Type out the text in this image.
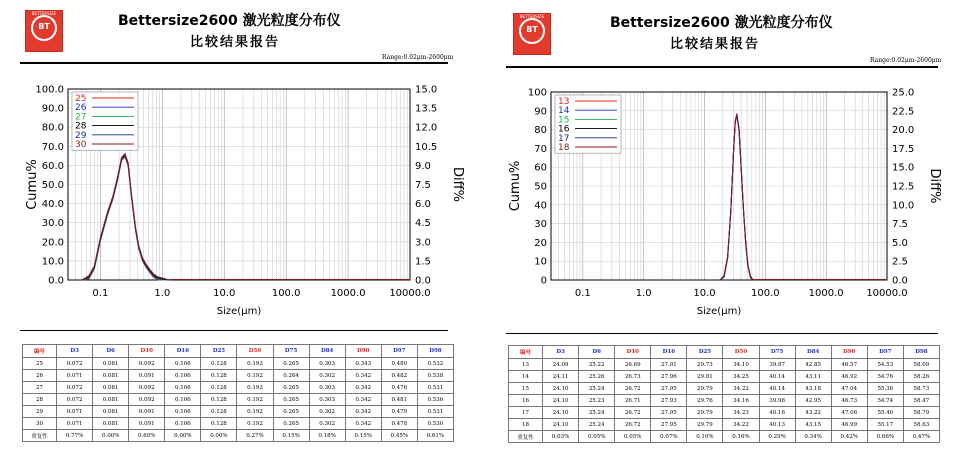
BETTERSIZE
BT	Bettersize2600 激光粒度分布仪
比较结果报告
Range:0.02μm-2600μm
0.0
10.0
20.0
30.0
40.0
50.0
60.0
70.0
80.0
90.0
100.0
0.0
1.5
3.0
4.5
6.0
7.5
9.0
10.5
12.0
13.5
15.0
0.1	1.0	10.0	100.0	1000.0 10000.0
Size(μm)
Cumu%	Diff%
25
26
27
28
29
30
编号	D3	D6	D10	D16	D25	D50	D75	D84	D90	D97	D98
25	0.072	0.081	0.092	0.106	0.128	0.193	0.265	0.303	0.343	0.480	0.532
26	0.071	0.081	0.091	0.106	0.128	0.192	0.264	0.302	0.342	0.482	0.538
27	0.072	0.081	0.092	0.106	0.128	0.193	0.265	0.303	0.342	0.476	0.531
28	0.072	0.081	0.092	0.106	0.128	0.192	0.265	0.303	0.342	0.481	0.536
29	0.071	0.081	0.091	0.106	0.128	0.192	0.265	0.302	0.342	0.479	0.531
30	0.071	0.081	0.091	0.106	0.128	0.192	0.265	0.302	0.342	0.478	0.530
重复性	0.77%	0.00%	0.60%	0.00%	0.00%	0.27%	0.15%	0.18%	0.15%	0.45%	0.61%
BETTERSIZE
BT	Bettersize2600 激光粒度分布仪
比较结果报告
Range:0.02μm-2600μm
0
10
20
30
40
50
60
70
80
90
100
0.0
2.5
5.0
7.5
10.0
12.5
15.0
17.5
20.0
22.5
25.0
0.1	1.0	10.0	100.0	1000.0 10000.0
Size(μm)
Cumu%	Diff%
13
14
15
16
17
18
编号	D3	D6	D10	D16	D25	D50	D75	D84	D90	D97	D98
13	24.09	25.22	26.69	27.91	29.73	34.10	39.87	42.85	46.57	54.53	58.09
14	24.11	25.26	26.73	27.96	29.81	34.25	40.14	43.11	46.92	54.76	58.26
15	24.10	25.24	26.72	27.95	29.79	34.22	40.14	43.18	47.04	55.36	58.73
16	24.10	25.23	26.71	27.93	29.76	34.16	39.98	42.95	46.73	54.74	58.47
17	24.10	25.24	26.72	27.95	29.79	34.23	40.16	43.22	47.06	55.40	58.79
18	24.10	25.24	26.72	27.95	29.79	34.22	40.13	43.15	46.99	55.17	58.63
重复性	0.03%	0.05%	0.05%	0.07%	0.10%	0.16%	0.29%	0.34%	0.42%	0.66%	0.47%
